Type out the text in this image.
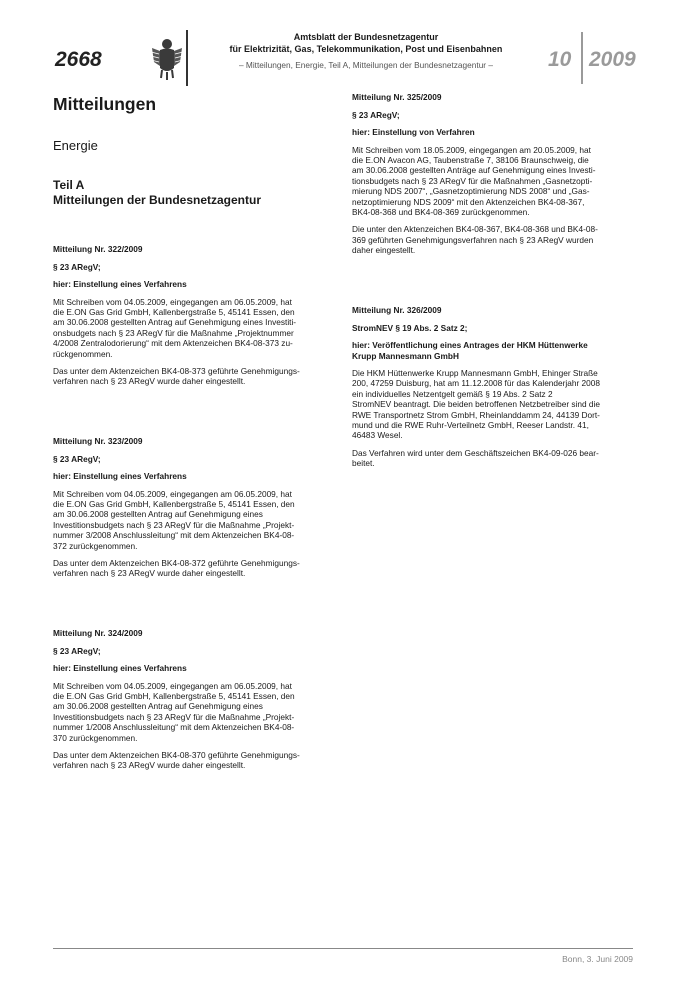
2668
Amtsblatt der Bundesnetzagentur
für Elektrizität, Gas, Telekommunikation, Post und Eisenbahnen
– Mitteilungen, Energie, Teil A, Mitteilungen der Bundesnetzagentur –	10 2009
Mitteilungen
Energie
Teil A
Mitteilungen der Bundesnetzagentur
Mitteilung Nr. 322/2009
§ 23 ARegV;
hier: Einstellung eines Verfahrens
Mit Schreiben vom 04.05.2009, eingegangen am 06.05.2009, hat
die E.ON Gas Grid GmbH, Kallenbergstraße 5, 45141 Essen, den
am 30.06.2008 gestellten Antrag auf Genehmigung eines Investiti-
onsbudgets nach § 23 ARegV für die Maßnahme „Projektnummer
4/2008 Zentralodorierung“ mit dem Aktenzeichen BK4-08-373 zu-
rückgenommen.
Das unter dem Aktenzeichen BK4-08-373 geführte Genehmigungs-
verfahren nach § 23 ARegV wurde daher eingestellt.
Mitteilung Nr. 323/2009
§ 23 ARegV;
hier: Einstellung eines Verfahrens
Mit Schreiben vom 04.05.2009, eingegangen am 06.05.2009, hat
die E.ON Gas Grid GmbH, Kallenbergstraße 5, 45141 Essen, den
am 30.06.2008 gestellten Antrag auf Genehmigung eines
Investitionsbudgets nach § 23 ARegV für die Maßnahme „Projekt-
nummer 3/2008 Anschlussleitung“ mit dem Aktenzeichen BK4-08-
372 zurückgenommen.
Das unter dem Aktenzeichen BK4-08-372 geführte Genehmigungs-
verfahren nach § 23 ARegV wurde daher eingestellt.
Mitteilung Nr. 324/2009
§ 23 ARegV;
hier: Einstellung eines Verfahrens
Mit Schreiben vom 04.05.2009, eingegangen am 06.05.2009, hat
die E.ON Gas Grid GmbH, Kallenbergstraße 5, 45141 Essen, den
am 30.06.2008 gestellten Antrag auf Genehmigung eines
Investitionsbudgets nach § 23 ARegV für die Maßnahme „Projekt-
nummer 1/2008 Anschlussleitung“ mit dem Aktenzeichen BK4-08-
370 zurückgenommen.
Das unter dem Aktenzeichen BK4-08-370 geführte Genehmigungs-
verfahren nach § 23 ARegV wurde daher eingestellt.
Mitteilung Nr. 325/2009
§ 23 ARegV;
hier: Einstellung von Verfahren
Mit Schreiben vom 18.05.2009, eingegangen am 20.05.2009, hat
die E.ON Avacon AG, Taubenstraße 7, 38106 Braunschweig, die
am 30.06.2008 gestellten Anträge auf Genehmigung eines Investi-
tionsbudgets nach § 23 ARegV für die Maßnahmen „Gasnetzopti-
mierung NDS 2007“, „Gasnetzoptimierung NDS 2008“ und „Gas-
netzoptimierung NDS 2009“ mit den Aktenzeichen BK4-08-367,
BK4-08-368 und BK4-08-369 zurückgenommen.
Die unter den Aktenzeichen BK4-08-367, BK4-08-368 und BK4-08-
369 geführten Genehmigungsverfahren nach § 23 ARegV wurden
daher eingestellt.
Mitteilung Nr. 326/2009
StromNEV § 19 Abs. 2 Satz 2;
hier: Veröffentlichung eines Antrages der HKM Hüttenwerke
Krupp Mannesmann GmbH
Die HKM Hüttenwerke Krupp Mannesmann GmbH, Ehinger Straße
200, 47259 Duisburg, hat am 11.12.2008 für das Kalenderjahr 2008
ein individuelles Netzentgelt gemäß § 19 Abs. 2 Satz 2
StromNEV beantragt. Die beiden betroffenen Netzbetreiber sind die
RWE Transportnetz Strom GmbH, Rheinlanddamm 24, 44139 Dort-
mund und die RWE Ruhr-Verteilnetz GmbH, Reeser Landstr. 41,
46483 Wesel.
Das Verfahren wird unter dem Geschäftszeichen BK4-09-026 bear-
beitet.
Bonn, 3. Juni 2009
